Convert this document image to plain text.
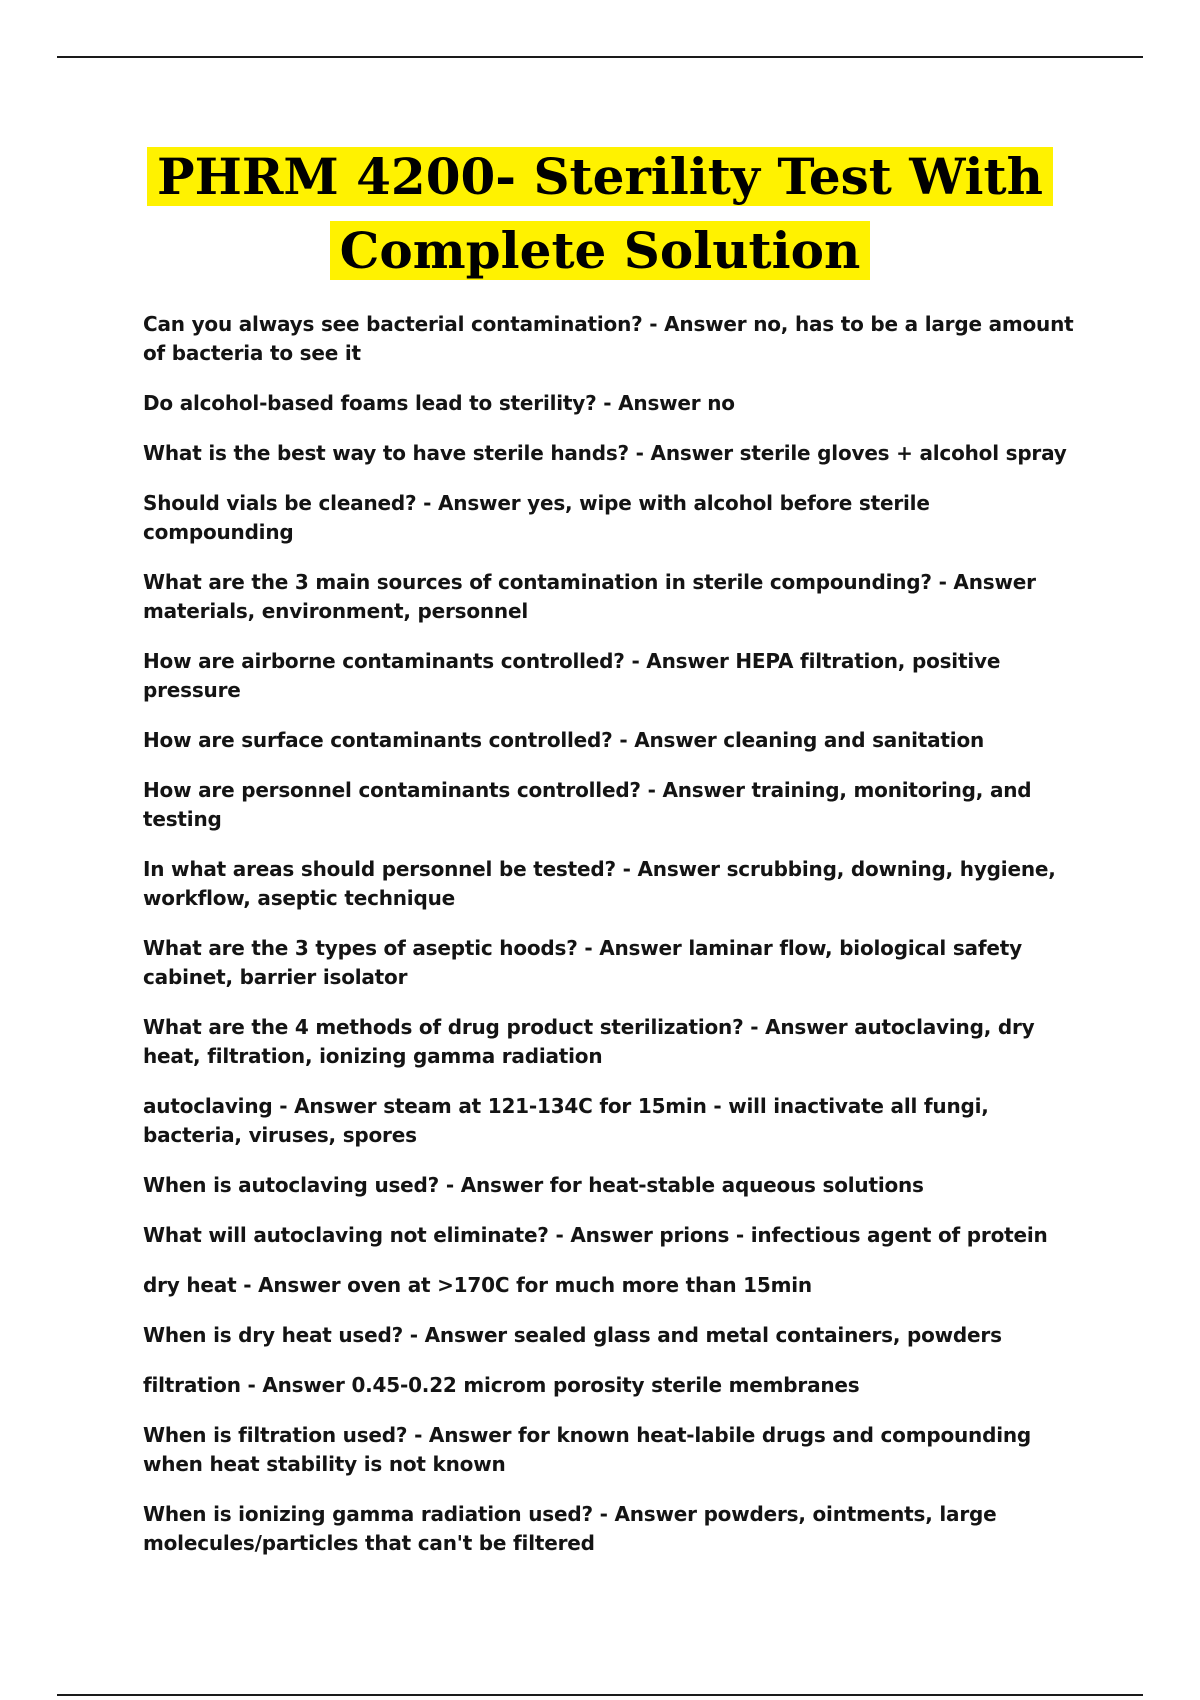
PHRM 4200- Sterility Test With
Complete Solution
Can you always see bacterial contamination? - Answer no, has to be a large amount of bacteria to see it
Do alcohol-based foams lead to sterility? - Answer no
What is the best way to have sterile hands? - Answer sterile gloves + alcohol spray
Should vials be cleaned? - Answer yes, wipe with alcohol before sterile compounding
What are the 3 main sources of contamination in sterile compounding? - Answer materials, environment, personnel
How are airborne contaminants controlled? - Answer HEPA filtration, positive pressure
How are surface contaminants controlled? - Answer cleaning and sanitation
How are personnel contaminants controlled? - Answer training, monitoring, and testing
In what areas should personnel be tested? - Answer scrubbing, downing, hygiene, workflow, aseptic technique
What are the 3 types of aseptic hoods? - Answer laminar flow, biological safety cabinet, barrier isolator
What are the 4 methods of drug product sterilization? - Answer autoclaving, dry heat, filtration, ionizing gamma radiation
autoclaving - Answer steam at 121-134C for 15min - will inactivate all fungi, bacteria, viruses, spores
When is autoclaving used? - Answer for heat-stable aqueous solutions
What will autoclaving not eliminate? - Answer prions - infectious agent of protein
dry heat - Answer oven at >170C for much more than 15min
When is dry heat used? - Answer sealed glass and metal containers, powders
filtration - Answer 0.45-0.22 microm porosity sterile membranes
When is filtration used? - Answer for known heat-labile drugs and compounding when heat stability is not known
When is ionizing gamma radiation used? - Answer powders, ointments, large molecules/particles that can't be filtered
